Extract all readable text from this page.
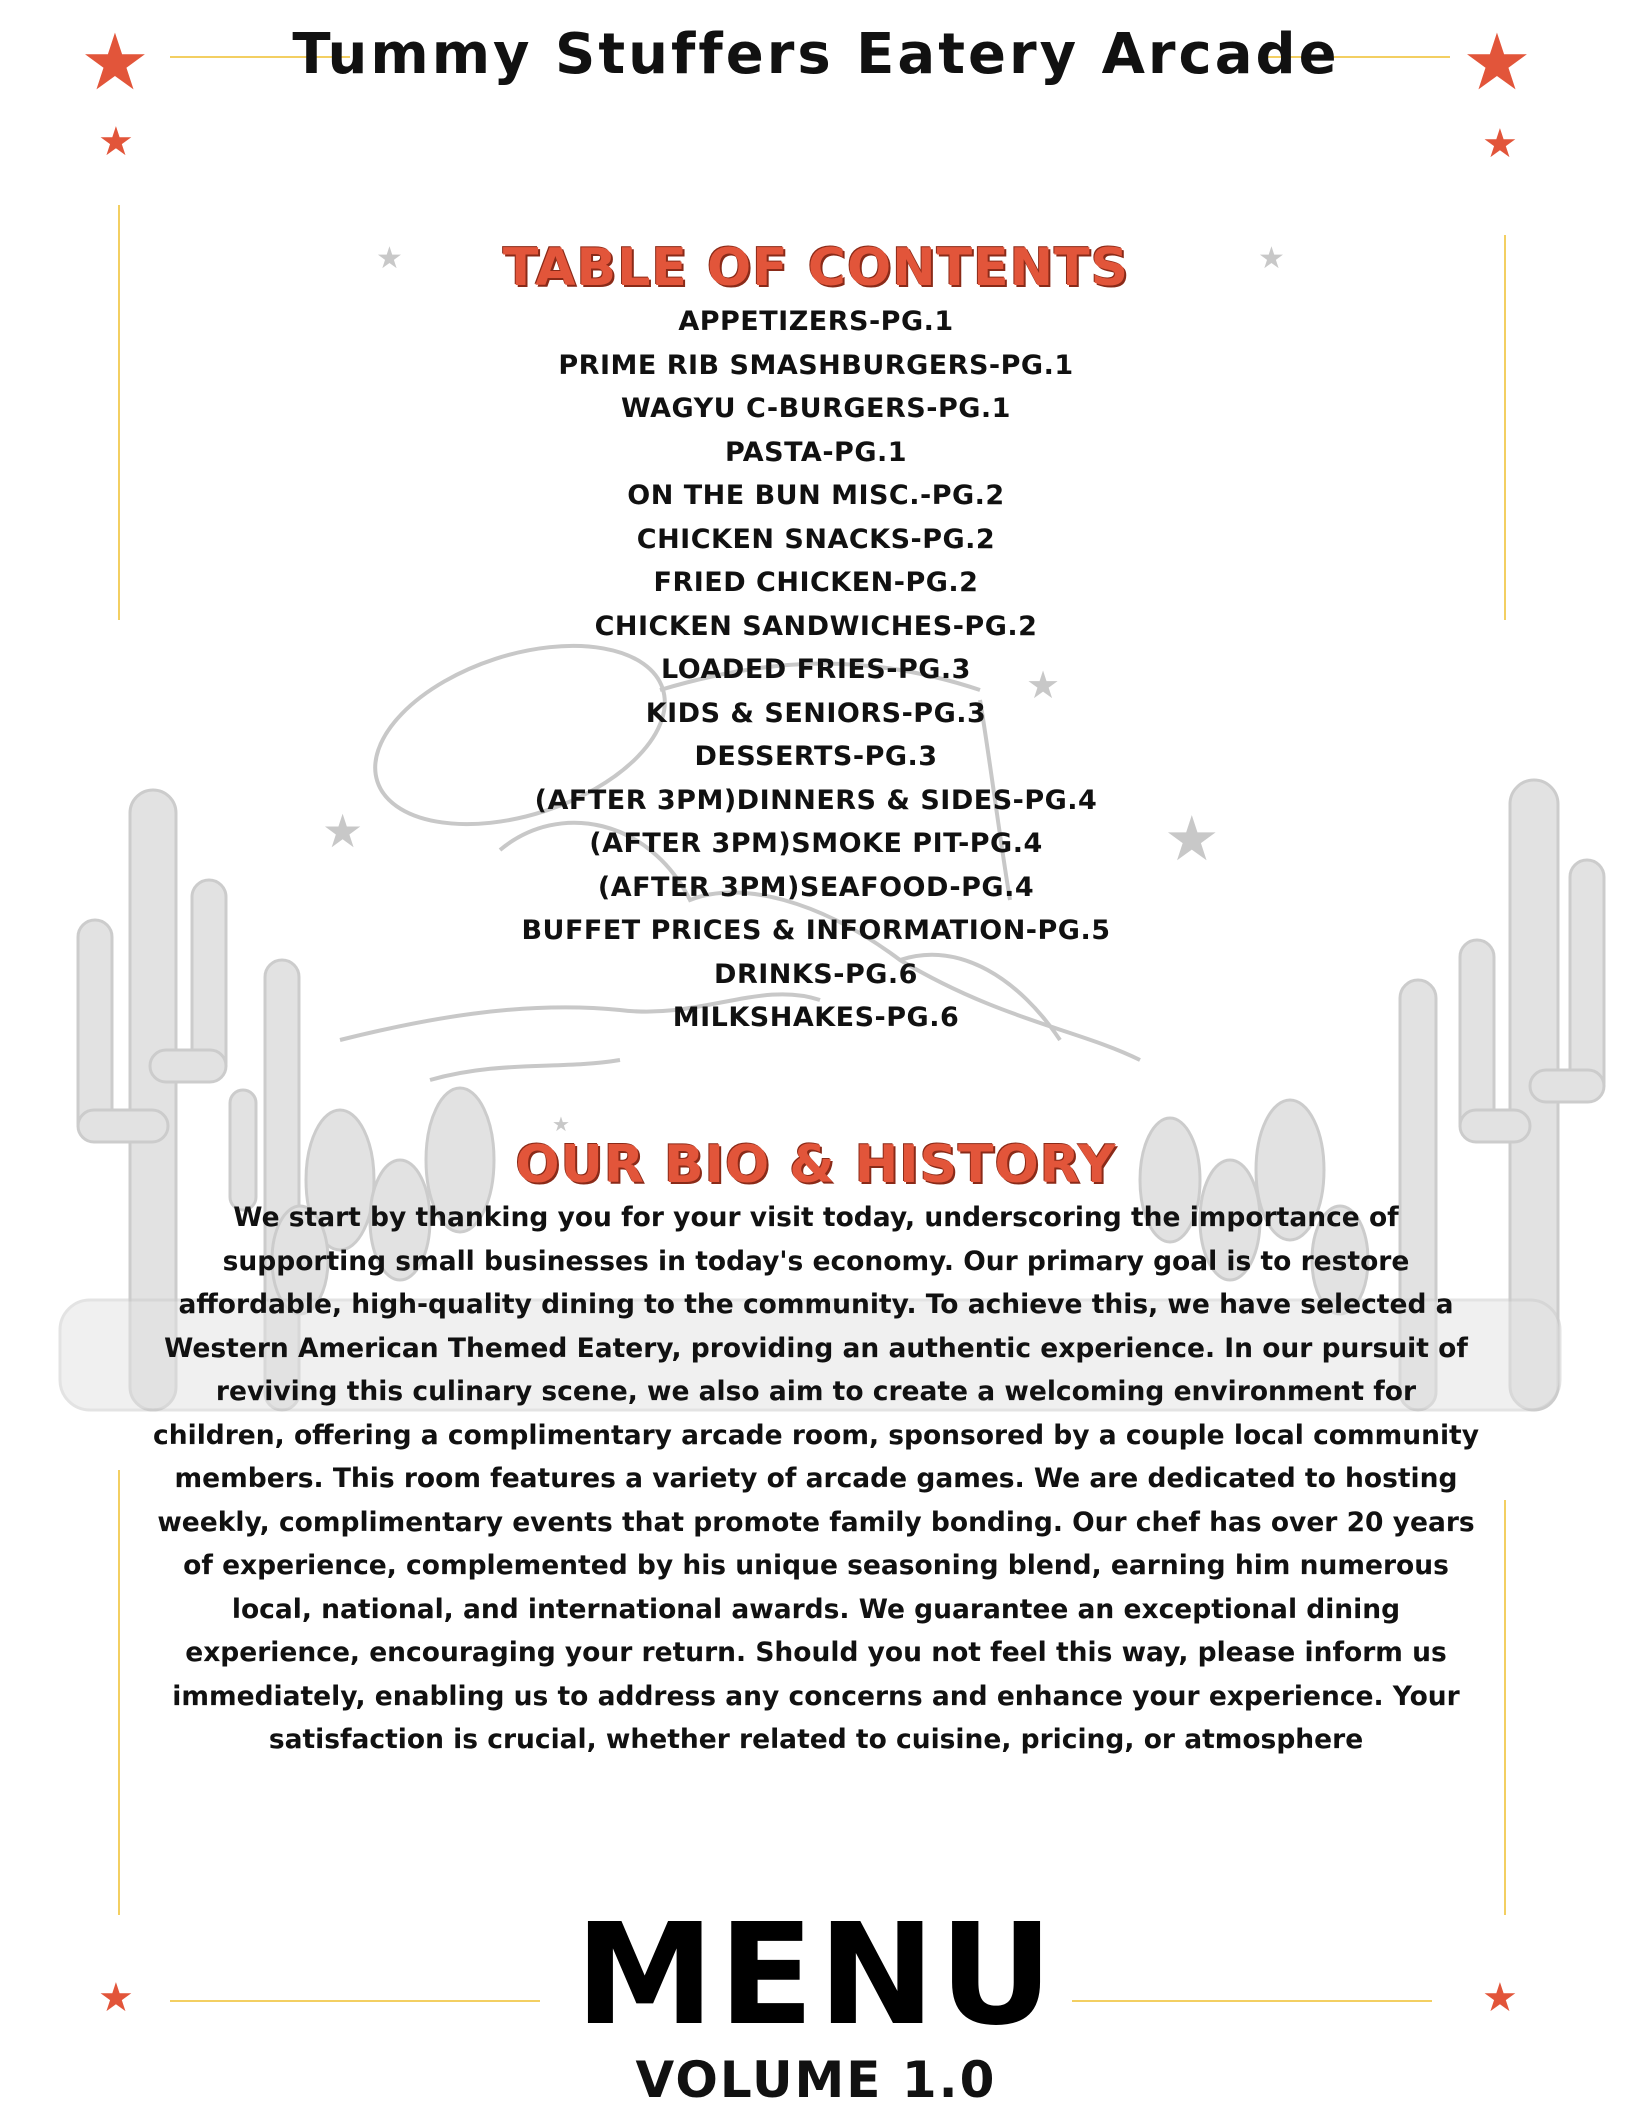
★	★
★	★
★	★
★	★
★
★	★
★
Tummy Stuffers Eatery Arcade
TABLE OF CONTENTS
APPETIZERS-PG.1
PRIME RIB SMASHBURGERS-PG.1
WAGYU C-BURGERS-PG.1
PASTA-PG.1
ON THE BUN MISC.-PG.2
CHICKEN SNACKS-PG.2
FRIED CHICKEN-PG.2
CHICKEN SANDWICHES-PG.2
LOADED FRIES-PG.3
KIDS & SENIORS-PG.3
DESSERTS-PG.3
(AFTER 3PM)DINNERS & SIDES-PG.4
(AFTER 3PM)SMOKE PIT-PG.4
(AFTER 3PM)SEAFOOD-PG.4
BUFFET PRICES & INFORMATION-PG.5
DRINKS-PG.6
MILKSHAKES-PG.6
OUR BIO & HISTORY

We start by thanking you for your visit today, underscoring the importance of supporting small businesses in today's economy. Our primary goal is to restore affordable, high-quality dining to the community. To achieve this, we have selected a Western American Themed Eatery, providing an authentic experience. In our pursuit of reviving this culinary scene, we also aim to create a welcoming environment for children, offering a complimentary arcade room, sponsored by a couple local community members. This room features a variety of arcade games. We are dedicated to hosting weekly, complimentary events that promote family bonding. Our chef has over 20 years of experience, complemented by his unique seasoning blend, earning him numerous local, national, and international awards. We guarantee an exceptional dining experience, encouraging your return. Should you not feel this way, please inform us immediately, enabling us to address any concerns and enhance your experience. Your satisfaction is crucial, whether related to cuisine, pricing, or atmosphere

MENU
VOLUME 1.0
